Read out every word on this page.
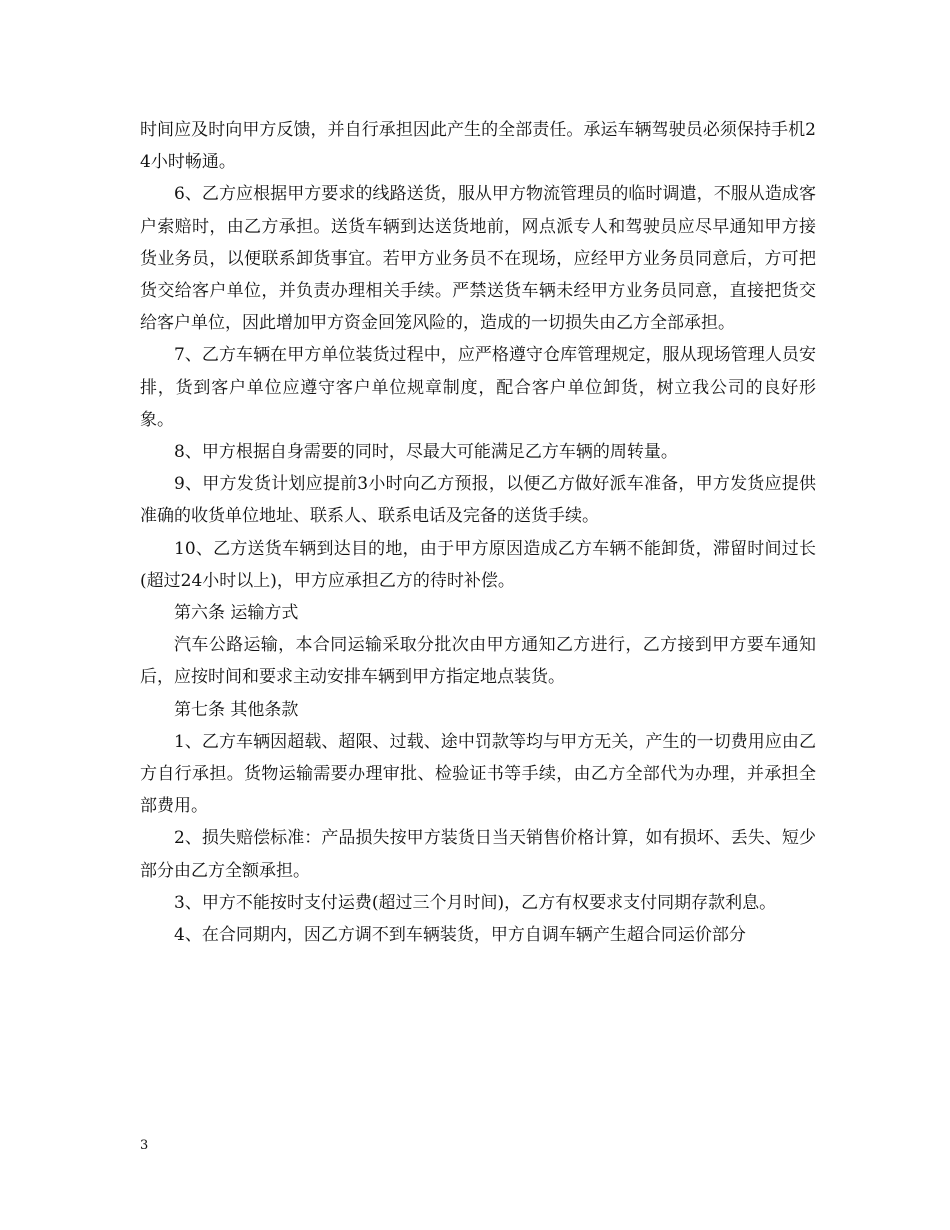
时间应及时向甲方反馈，并自行承担因此产生的全部责任。承运车辆驾驶员必须保持手机24小时畅通。

6、乙方应根据甲方要求的线路送货，服从甲方物流管理员的临时调遣，不服从造成客户索赔时，由乙方承担。送货车辆到达送货地前，网点派专人和驾驶员应尽早通知甲方接货业务员，以便联系卸货事宜。若甲方业务员不在现场，应经甲方业务员同意后，方可把货交给客户单位，并负责办理相关手续。严禁送货车辆未经甲方业务员同意，直接把货交给客户单位，因此增加甲方资金回笼风险的，造成的一切损失由乙方全部承担。

7、乙方车辆在甲方单位装货过程中，应严格遵守仓库管理规定，服从现场管理人员安排，货到客户单位应遵守客户单位规章制度，配合客户单位卸货，树立我公司的良好形象。

8、甲方根据自身需要的同时，尽最大可能满足乙方车辆的周转量。

9、甲方发货计划应提前3小时向乙方预报，以便乙方做好派车准备，甲方发货应提供准确的收货单位地址、联系人、联系电话及完备的送货手续。

10、乙方送货车辆到达目的地，由于甲方原因造成乙方车辆不能卸货，滞留时间过长(超过24小时以上)，甲方应承担乙方的待时补偿。

第六条 运输方式

汽车公路运输，本合同运输采取分批次由甲方通知乙方进行，乙方接到甲方要车通知后，应按时间和要求主动安排车辆到甲方指定地点装货。

第七条 其他条款

1、乙方车辆因超载、超限、过载、途中罚款等均与甲方无关，产生的一切费用应由乙方自行承担。货物运输需要办理审批、检验证书等手续，由乙方全部代为办理，并承担全部费用。

2、损失赔偿标准：产品损失按甲方装货日当天销售价格计算，如有损坏、丢失、短少部分由乙方全额承担。

3、甲方不能按时支付运费(超过三个月时间)，乙方有权要求支付同期存款利息。

4、在合同期内，因乙方调不到车辆装货，甲方自调车辆产生超合同运价部分

3
